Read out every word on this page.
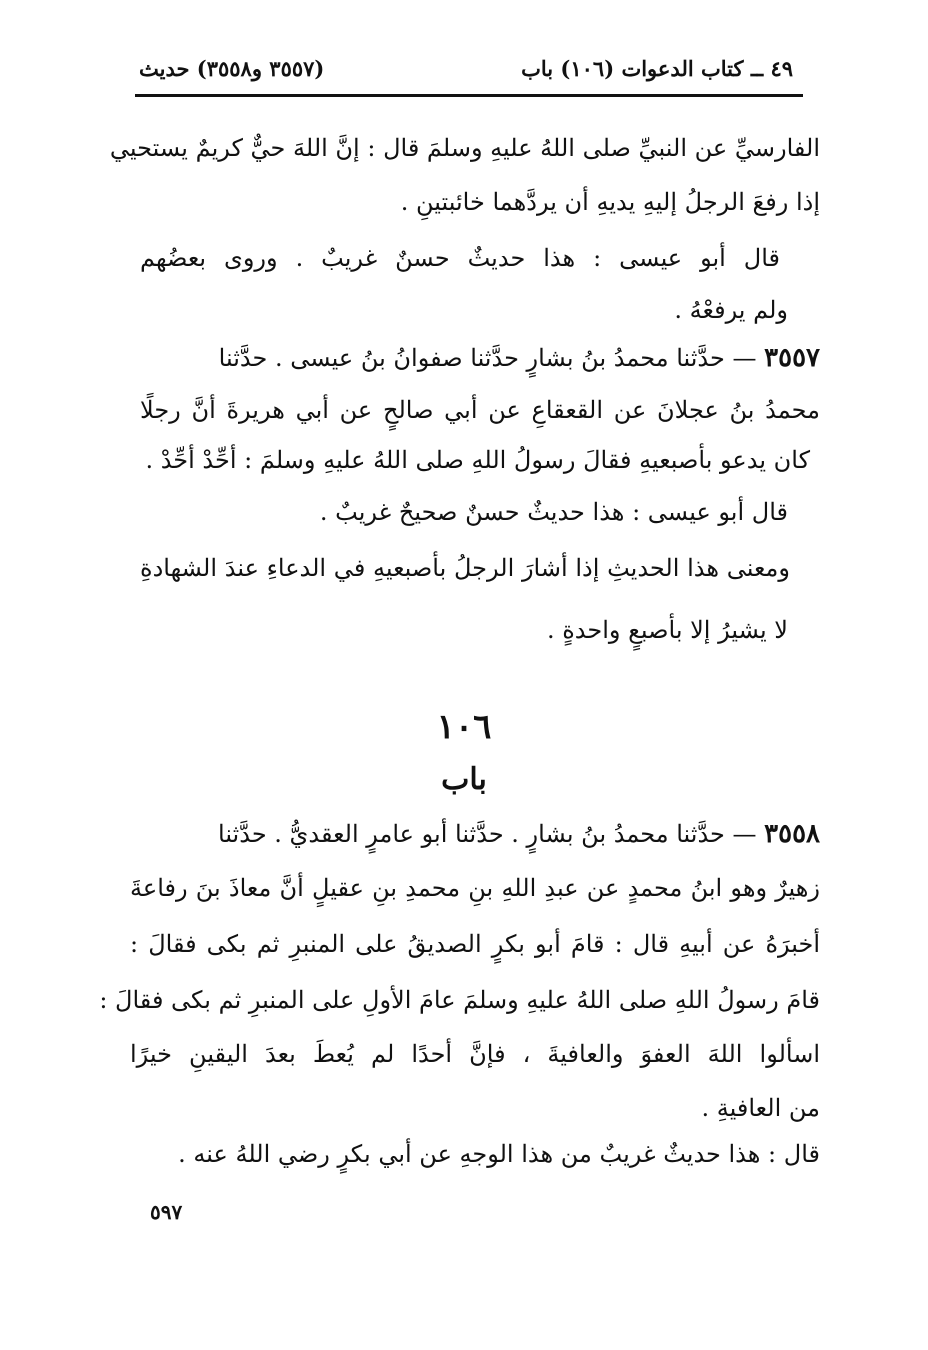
٤٩ ــ كتاب الدعوات (١٠٦) باب
(٣٥٥٧ و٣٥٥٨) حديث
الفارسيِّ عن النبيِّ صلى اللهُ عليهِ وسلمَ قال : إنَّ اللهَ حيٌّ كريمٌ يستحيي
إذا رفعَ الرجلُ إليهِ يديهِ أن يردَّهما خائبتينِ .
قال أبو عيسى : هذا حديثٌ حسنٌ غريبٌ . وروى بعضُهم
ولم يرفعْهُ .
٣٥٥٧ — حدَّثنا محمدُ بنُ بشارٍ حدَّثنا صفوانُ بنُ عيسى . حدَّثنا
محمدُ بنُ عجلانَ عن القعقاعِ عن أبي صالحٍ عن أبي هريرةَ أنَّ رجلًا
كان يدعو بأصبعيهِ فقالَ رسولُ اللهِ صلى اللهُ عليهِ وسلمَ : أحِّدْ أحِّدْ .
قال أبو عيسى : هذا حديثٌ حسنٌ صحيحٌ غريبٌ .
ومعنى هذا الحديثِ إذا أشارَ الرجلُ بأصبعيهِ في الدعاءِ عندَ الشهادةِ
لا يشيرُ إلا بأصبعٍ واحدةٍ .
١٠٦
باب
٣٥٥٨ — حدَّثنا محمدُ بنُ بشارٍ . حدَّثنا أبو عامرٍ العقديُّ . حدَّثنا
زهيرٌ وهو ابنُ محمدٍ عن عبدِ اللهِ بنِ محمدِ بنِ عقيلٍ أنَّ معاذَ بنَ رفاعةَ
أخبرَهُ عن أبيهِ قال : قامَ أبو بكرٍ الصديقُ على المنبرِ ثم بكى فقالَ :
قامَ رسولُ اللهِ صلى اللهُ عليهِ وسلمَ عامَ الأولِ على المنبرِ ثم بكى فقالَ :
اسألوا اللهَ العفوَ والعافيةَ ، فإنَّ أحدًا لم يُعطَ بعدَ اليقينِ خيرًا
من العافيةِ .
قال : هذا حديثٌ غريبٌ من هذا الوجهِ عن أبي بكرٍ رضي اللهُ عنه .
٥٩٧
